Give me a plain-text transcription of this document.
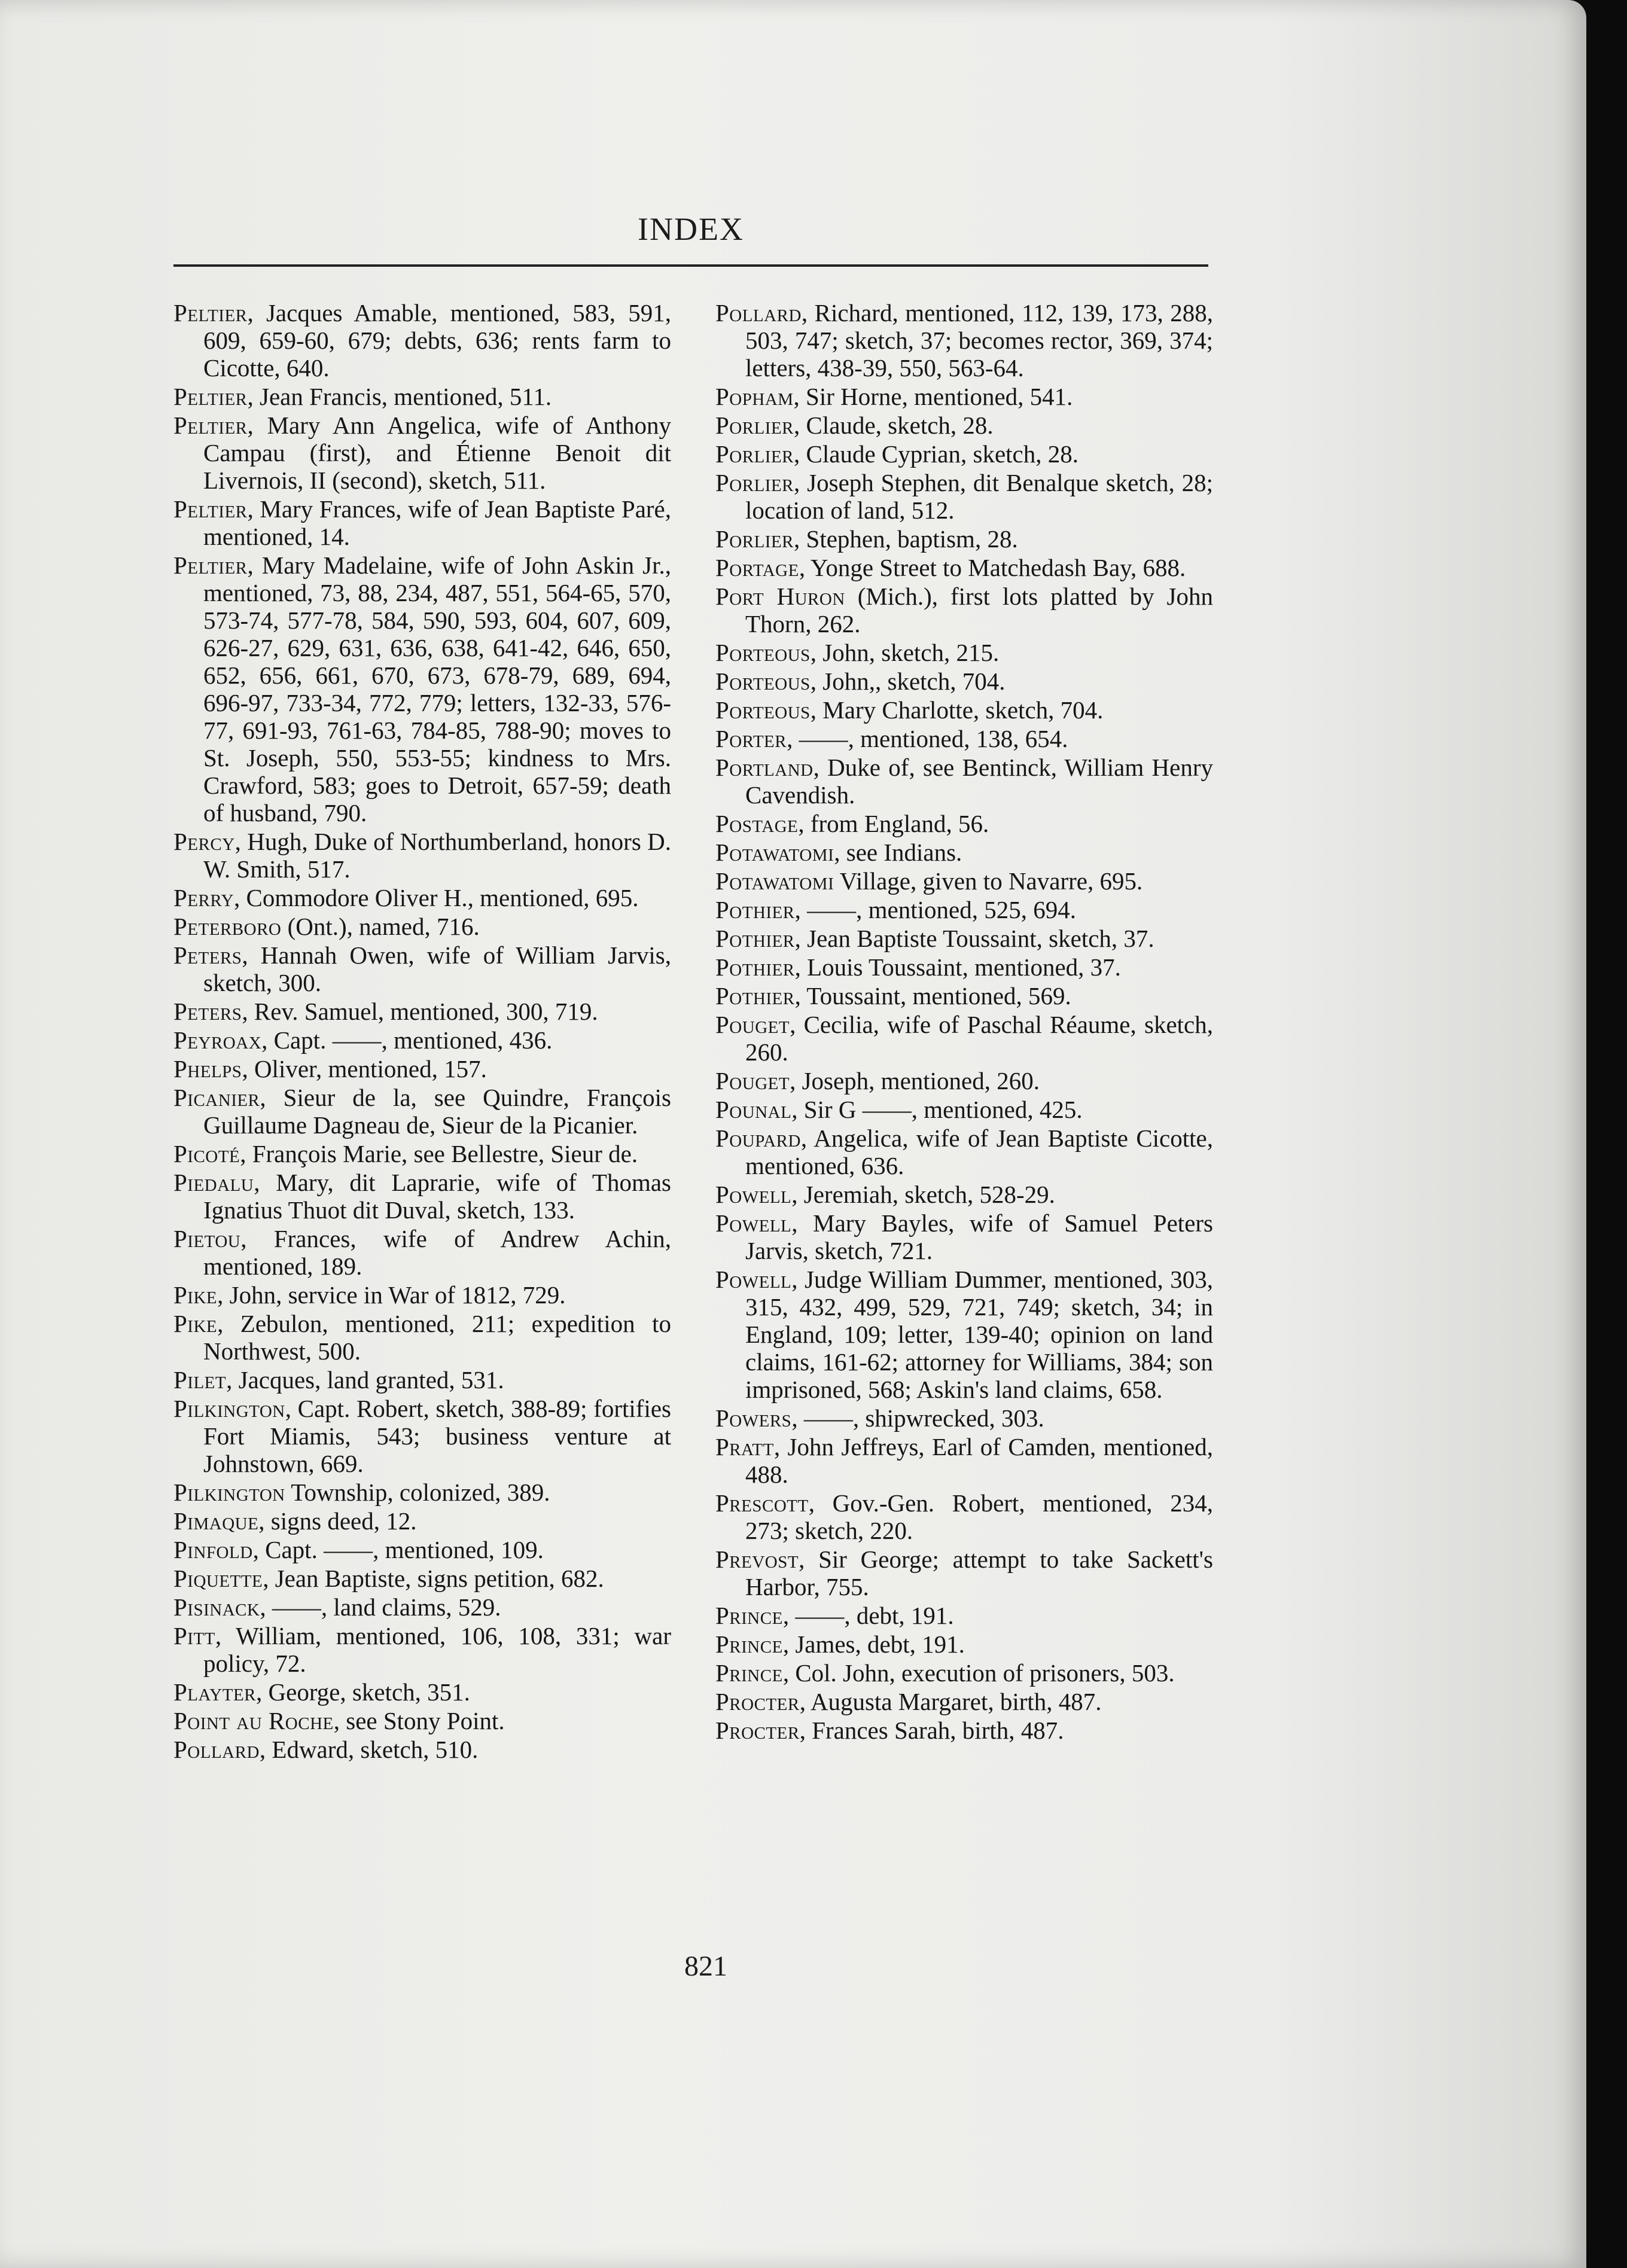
INDEX

Peltier, Jacques Amable, mentioned, 583, 591, 609, 659-60, 679; debts, 636; rents farm to Cicotte, 640.

Peltier, Jean Francis, mentioned, 511.

Peltier, Mary Ann Angelica, wife of Anthony Campau (first), and Étienne Benoit dit Livernois, II (second), sketch, 511.

Peltier, Mary Frances, wife of Jean Baptiste Paré, mentioned, 14.

Peltier, Mary Madelaine, wife of John Askin Jr., mentioned, 73, 88, 234, 487, 551, 564-65, 570, 573-74, 577-78, 584, 590, 593, 604, 607, 609, 626-27, 629, 631, 636, 638, 641-42, 646, 650, 652, 656, 661, 670, 673, 678-79, 689, 694, 696-97, 733-34, 772, 779; letters, 132-33, 576-77, 691-93, 761-63, 784-85, 788-90; moves to St. Joseph, 550, 553-55; kindness to Mrs. Crawford, 583; goes to Detroit, 657-59; death of husband, 790.

Percy, Hugh, Duke of Northumberland, honors D. W. Smith, 517.

Perry, Commodore Oliver H., mentioned, 695.

Peterboro (Ont.), named, 716.

Peters, Hannah Owen, wife of William Jarvis, sketch, 300.

Peters, Rev. Samuel, mentioned, 300, 719.

Peyroax, Capt. ——, mentioned, 436.

Phelps, Oliver, mentioned, 157.

Picanier, Sieur de la, see Quindre, François Guillaume Dagneau de, Sieur de la Picanier.

Picoté, François Marie, see Bellestre, Sieur de.

Piedalu, Mary, dit Laprarie, wife of Thomas Ignatius Thuot dit Duval, sketch, 133.

Pietou, Frances, wife of Andrew Achin, mentioned, 189.

Pike, John, service in War of 1812, 729.

Pike, Zebulon, mentioned, 211; expedition to Northwest, 500.

Pilet, Jacques, land granted, 531.

Pilkington, Capt. Robert, sketch, 388-89; fortifies Fort Miamis, 543; business venture at Johnstown, 669.

Pilkington Township, colonized, 389.

Pimaque, signs deed, 12.

Pinfold, Capt. ——, mentioned, 109.

Piquette, Jean Baptiste, signs petition, 682.

Pisinack, ——, land claims, 529.

Pitt, William, mentioned, 106, 108, 331; war policy, 72.

Playter, George, sketch, 351.

Point au Roche, see Stony Point.

Pollard, Edward, sketch, 510.

Pollard, Richard, mentioned, 112, 139, 173, 288, 503, 747; sketch, 37; becomes rector, 369, 374; letters, 438-39, 550, 563-64.

Popham, Sir Horne, mentioned, 541.

Porlier, Claude, sketch, 28.

Porlier, Claude Cyprian, sketch, 28.

Porlier, Joseph Stephen, dit Benalque sketch, 28; location of land, 512.

Porlier, Stephen, baptism, 28.

Portage, Yonge Street to Matchedash Bay, 688.

Port Huron (Mich.), first lots platted by John Thorn, 262.

Porteous, John, sketch, 215.

Porteous, John,, sketch, 704.

Porteous, Mary Charlotte, sketch, 704.

Porter, ——, mentioned, 138, 654.

Portland, Duke of, see Bentinck, William Henry Cavendish.

Postage, from England, 56.

Potawatomi, see Indians.

Potawatomi Village, given to Navarre, 695.

Pothier, ——, mentioned, 525, 694.

Pothier, Jean Baptiste Toussaint, sketch, 37.

Pothier, Louis Toussaint, mentioned, 37.

Pothier, Toussaint, mentioned, 569.

Pouget, Cecilia, wife of Paschal Réaume, sketch, 260.

Pouget, Joseph, mentioned, 260.

Pounal, Sir G ——, mentioned, 425.

Poupard, Angelica, wife of Jean Baptiste Cicotte, mentioned, 636.

Powell, Jeremiah, sketch, 528-29.

Powell, Mary Bayles, wife of Samuel Peters Jarvis, sketch, 721.

Powell, Judge William Dummer, mentioned, 303, 315, 432, 499, 529, 721, 749; sketch, 34; in England, 109; letter, 139-40; opinion on land claims, 161-62; attorney for Williams, 384; son imprisoned, 568; Askin's land claims, 658.

Powers, ——, shipwrecked, 303.

Pratt, John Jeffreys, Earl of Camden, mentioned, 488.

Prescott, Gov.-Gen. Robert, mentioned, 234, 273; sketch, 220.

Prevost, Sir George; attempt to take Sackett's Harbor, 755.

Prince, ——, debt, 191.

Prince, James, debt, 191.

Prince, Col. John, execution of prisoners, 503.

Procter, Augusta Margaret, birth, 487.

Procter, Frances Sarah, birth, 487.

821
